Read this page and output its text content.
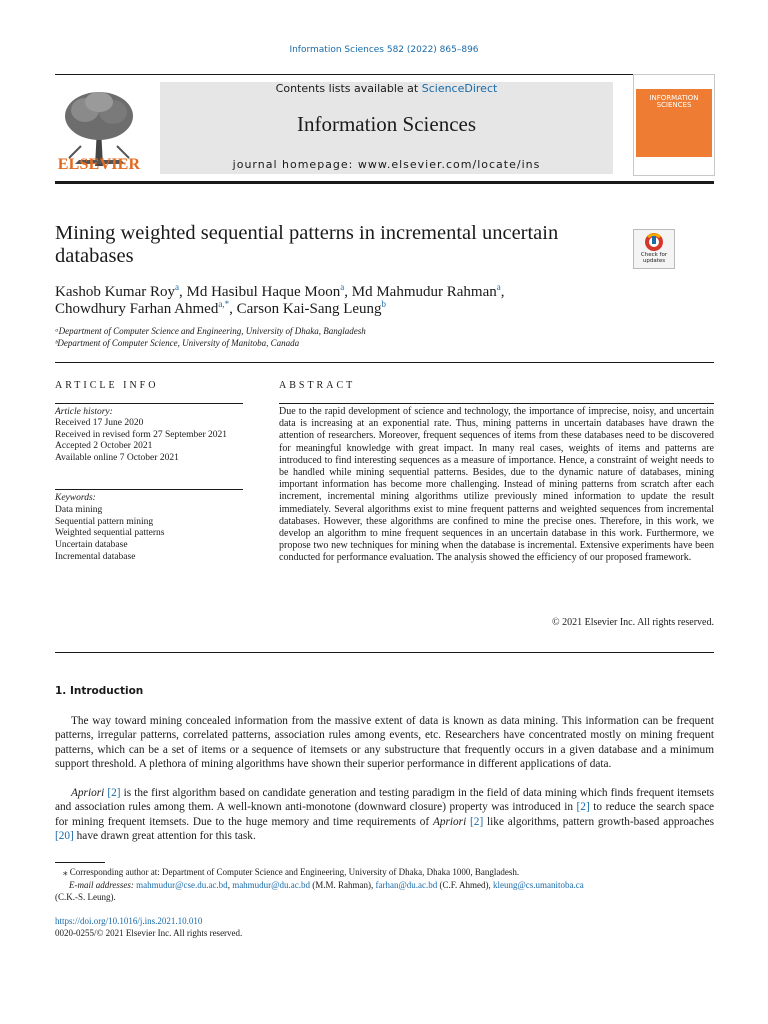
Information Sciences 582 (2022) 865–896
ELSEVIER
Contents lists available at ScienceDirect
Information Sciences
journal homepage: www.elsevier.com/locate/ins
INFORMATION SCIENCES
Mining weighted sequential patterns in incremental uncertain databases	Check for updates
Kashob Kumar Roy$^a$, Md Hasibul Haque Moon$^a$, Md Mahmudur Rahman$^a$,
Chowdhury Farhan Ahmed$^{a,*}$, Carson Kai-Sang Leung$^b$
ᵃDepartment of Computer Science and Engineering, University of Dhaka, Bangladesh
ᵇDepartment of Computer Science, University of Manitoba, Canada
ARTICLE INFO
Article history:
Received 17 June 2020
Received in revised form 27 September 2021
Accepted 2 October 2021
Available online 7 October 2021
Keywords:
Data mining
Sequential pattern mining
Weighted sequential patterns
Uncertain database
Incremental database
ABSTRACT
Due to the rapid development of science and technology, the importance of imprecise, noisy, and uncertain data is increasing at an exponential rate. Thus, mining patterns in uncertain databases have drawn the attention of researchers. Moreover, frequent sequences of items from these databases need to be discovered for meaningful knowledge with great impact. In many real cases, weights of items and patterns are introduced to find interesting sequences as a measure of importance. Hence, a constraint of weight needs to be handled while mining sequential patterns. Besides, due to the dynamic nature of databases, mining important information has become more challenging. Instead of mining patterns from scratch after each increment, incremental mining algorithms utilize previously mined information to update the result immediately. Several algorithms exist to mine frequent patterns and weighted sequences from incremental databases. However, these algorithms are confined to mine the precise ones. Therefore, in this work, we develop an algorithm to mine frequent sequences in an uncertain database in this work. Furthermore, we propose two new techniques for mining when the database is incremental. Extensive experiments have been conducted for performance evaluation. The analysis showed the efficiency of our proposed framework.
© 2021 Elsevier Inc. All rights reserved.
1. Introduction
The way toward mining concealed information from the massive extent of data is known as data mining. This information can be frequent patterns, irregular patterns, correlated patterns, association rules among events, etc. Researchers have concentrated mostly on mining frequent patterns, which can be a set of items or a sequence of itemsets or any substructure that frequently occurs in a given database and a minimum support threshold. A plethora of mining algorithms have shown their superior performance in different applications of data.
Apriori [2] is the first algorithm based on candidate generation and testing paradigm in the field of data mining which finds frequent itemsets and association rules among them. A well-known anti-monotone (downward closure) property was introduced in [2] to reduce the search space for mining frequent itemsets. Due to the huge memory and time requirements of Apriori [2] like algorithms, pattern growth-based approaches [20] have drawn great attention for this task.
⁎ Corresponding author at: Department of Computer Science and Engineering, University of Dhaka, Dhaka 1000, Bangladesh.
E-mail addresses: mahmudur@cse.du.ac.bd, mahmudur@du.ac.bd (M.M. Rahman), farhan@du.ac.bd (C.F. Ahmed), kleung@cs.umanitoba.ca
(C.K.-S. Leung).
https://doi.org/10.1016/j.ins.2021.10.010
0020-0255/© 2021 Elsevier Inc. All rights reserved.
